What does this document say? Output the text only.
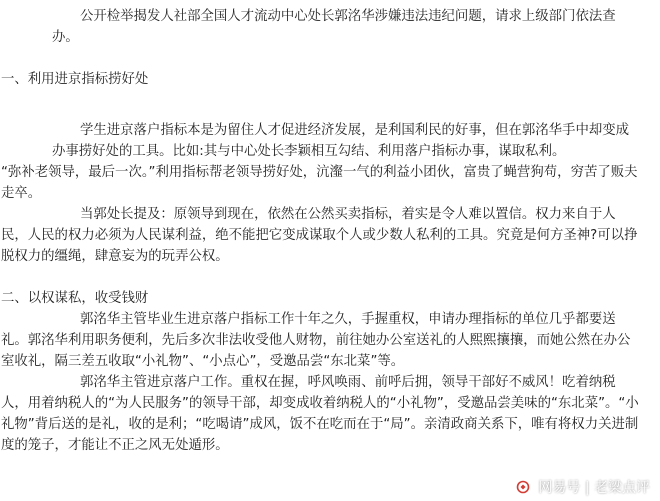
公开检举揭发人社部全国人才流动中心处长郭洺华涉嫌违法违纪问题，请求上级部门依法查办。

一、利用进京指标捞好处

学生进京落户指标本是为留住人才促进经济发展，是利国利民的好事，但在郭洺华手中却变成办事捞好处的工具。比如:其与中心处长李颖相互勾结、利用落户指标办事，谋取私利。

“弥补老领导，最后一次。”利用指标帮老领导捞好处，沆瀣一气的利益小团伙，富贵了蝇营狗苟，穷苦了贩夫走卒。

当郭处长提及：原领导到现在，依然在公然买卖指标，着实是令人难以置信。权力来自于人民，人民的权力必须为人民谋利益，绝不能把它变成谋取个人或少数人私利的工具。究竟是何方圣神?可以挣脱权力的缰绳，肆意妄为的玩弄公权。

二、以权谋私，收受钱财

郭洺华主管毕业生进京落户指标工作十年之久，手握重权，申请办理指标的单位几乎都要送礼。郭洺华利用职务便利，先后多次非法收受他人财物，前往她办公室送礼的人熙熙攘攘，而她公然在办公室收礼，隔三差五收取“小礼物”、“小点心”，受邀品尝“东北菜”等。

郭洺华主管进京落户工作。重权在握，呼风唤雨、前呼后拥，领导干部好不威风！吃着纳税人，用着纳税人的“为人民服务”的领导干部，却变成收着纳税人的“小礼物”，受邀品尝美味的“东北菜”。“小礼物”背后送的是礼，收的是利；“吃喝请”成风，饭不在吃而在于“局”。亲清政商关系下，唯有将权力关进制度的笼子，才能让不正之风无处遁形。

网易号 | 老梁点评
